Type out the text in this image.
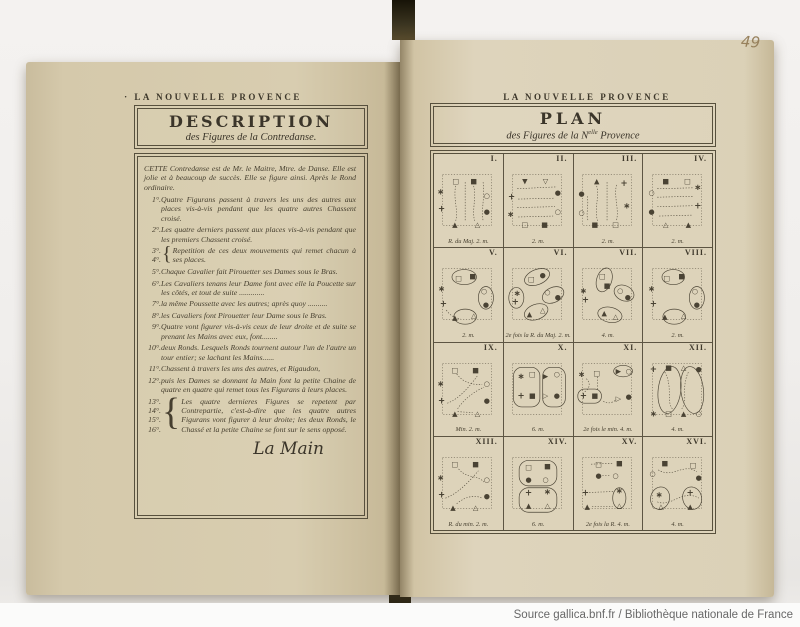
· LA NOUVELLE PROVENCE
DESCRIPTION
des Figures de la Contredanse.
CETTE Contredanse est de Mr. le Maitre, Mtre. de Danse. Elle est jolie et à beaucoup de succès. Elle se figure ainsi. Après le Rond ordinaire.
1°. Quatre Figurans passent à travers les uns des autres aux places vis-à-vis pendant que les quatre autres Chassent croisé.
2°. Les quatre derniers passent aux places vis-à-vis pendant que les premiers Chassent croisé.
3°.
4°. { Repetition de ces deux mouvements qui remet chacun à ses places.
5°. Chaque Cavalier fait Pirouetter ses Dames sous le Bras.
6°. Les Cavaliers tenans leur Dame font avec elle la Poucette sur les côtés, et tout de suite .............
7°. la même Poussette avec les autres; après quoy ..........
8°. les Cavaliers font Pirouetter leur Dame sous le Bras.
9°. Quatre vont figurer vis-à-vis ceux de leur droite et de suite se prenant les Mains avec eux, font........
10°. deux Ronds. Lesquels Ronds tournent autour l'un de l'autre un tour entier; se lachant les Mains......
11°. Chassent à travers les uns des autres, et Rigaudon,
12°. puis les Dames se donnant la Main font la petite Chaine de quatre en quatre qui remet tous les Figurans à leurs places.
13°.
14°.
15°.
16°. { Les quatre dernieres Figures se repetent par Contrepartie, c'est-à-dire que les quatre autres Figurans vont figurer à leur droite; les deux Ronds, le Chassé et la petite Chaine se font sur le sens opposé.
La Main
LA NOUVELLE PROVENCE
PLAN
des Figures de la $N^{elle}$ Provence
I.
∗
+
□ ■
○
●
▲ △
R. du Maj. 2. m.
II.
▼ ▽
+
∗
●
○
□ ■
2. m.
III.
▲ +
●
○
∗
■ □
2. m.
IV.
■ □
○
●
∗
+
△ ▲
2. m.
V.
□ ■
∗
+
○
●
▲ △
2. m.
VI.
∗
+
□ ●
○
●
▲ △
2e fois la R. du Maj. 2. m.
VII.
□
■
∗
+
○
●
▲ △
4. m.
VIII.
□ ■
∗
+
○
●
▲ △
2. m.
IX.
□ ■
∗	○
+	●
▲ △
Min. 2. m.
X.
∗ □
+ ■
▶ ○
▷ ●
6. m.
XI.
∗ □ ▶ ○
+ ■ ▷ ●
2e fois le min. 4. m.
XII.
+ ■ △ ●
∗ □ ▲ ○
4. m.
XIII.
□ ■
∗	○
+	●
▲ △
R. du min. 2. m.
XIV.
□ ■
● ○
+ ∗
▲ △
6. m.
XV.
□ ■
● ○
+	∗
▲	△
2e fois la R. 4. m.
XVI.
■	□
○	●
∗	+
△	▲
4. m.
49
Source gallica.bnf.fr / Bibliothèque nationale de France
